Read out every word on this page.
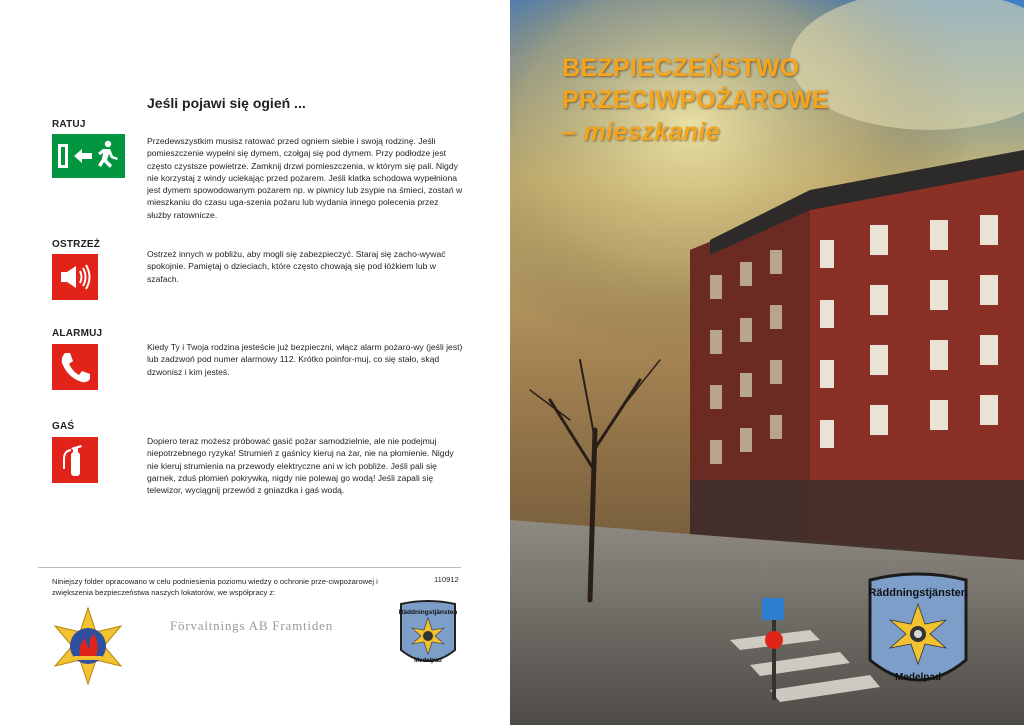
Jeśli pojawi się ogień ...
RATUJ
Przedewszystkim musisz ratować przed ogniem siebie i swoją rodzinę. Jeśli pomieszczenie wypełni się dymem, czołgaj się pod dymem. Przy podłodze jest często czystsze powietrze. Zamknij drzwi pomieszczenia, w którym się pali. Nigdy nie korzystaj z windy uciekając przed pożarem. Jeśli klatka schodowa wypełniona jest dymem spowodowanym pożarem np. w piwnicy lub zsypie na śmieci, zostań w mieszkaniu do czasu uga-szenia pożaru lub wydania innego polecenia przez służby ratownicze.
OSTRZEŻ
Ostrzeż innych w pobliżu, aby mogli się zabezpieczyć. Staraj się zacho-wywać spokojnie. Pamiętaj o dzieciach, które często chowają się pod łóżkiem lub w szafach.
ALARMUJ
Kiedy Ty i Twoja rodzina jesteście już bezpieczni, włącz alarm pożaro-wy (jeśli jest) lub zadzwoń pod numer alarmowy 112. Krótko poinfor-muj, co się stało, skąd dzwonisz i kim jesteś.
GAŚ
Dopiero teraz możesz próbować gasić pożar samodzielnie, ale nie podejmuj niepotrzebnego ryzyka! Strumień z gaśnicy kieruj na żar, nie na płomienie. Nigdy nie kieruj strumienia na przewody elektryczne ani w ich pobliże. Jeśli pali się garnek, zduś płomień pokrywką, nigdy nie polewaj go wodą! Jeśli zapali się telewizor, wyciągnij przewód z gniazdka i gaś wodą.
Niniejszy folder opracowano w celu podniesienia poziomu wiedzy o ochronie prze-ciwpożarowej i zwiększenia bezpieczeństwa naszych lokatorów, we współpracy z:
110912
Förvaltnings AB Framtiden
Räddningstjänsten
Medelpad
BEZPIECZEŃSTWO
PRZECIWPOŻAROWE
– mieszkanie
Räddningstjänsten
Medelpad
